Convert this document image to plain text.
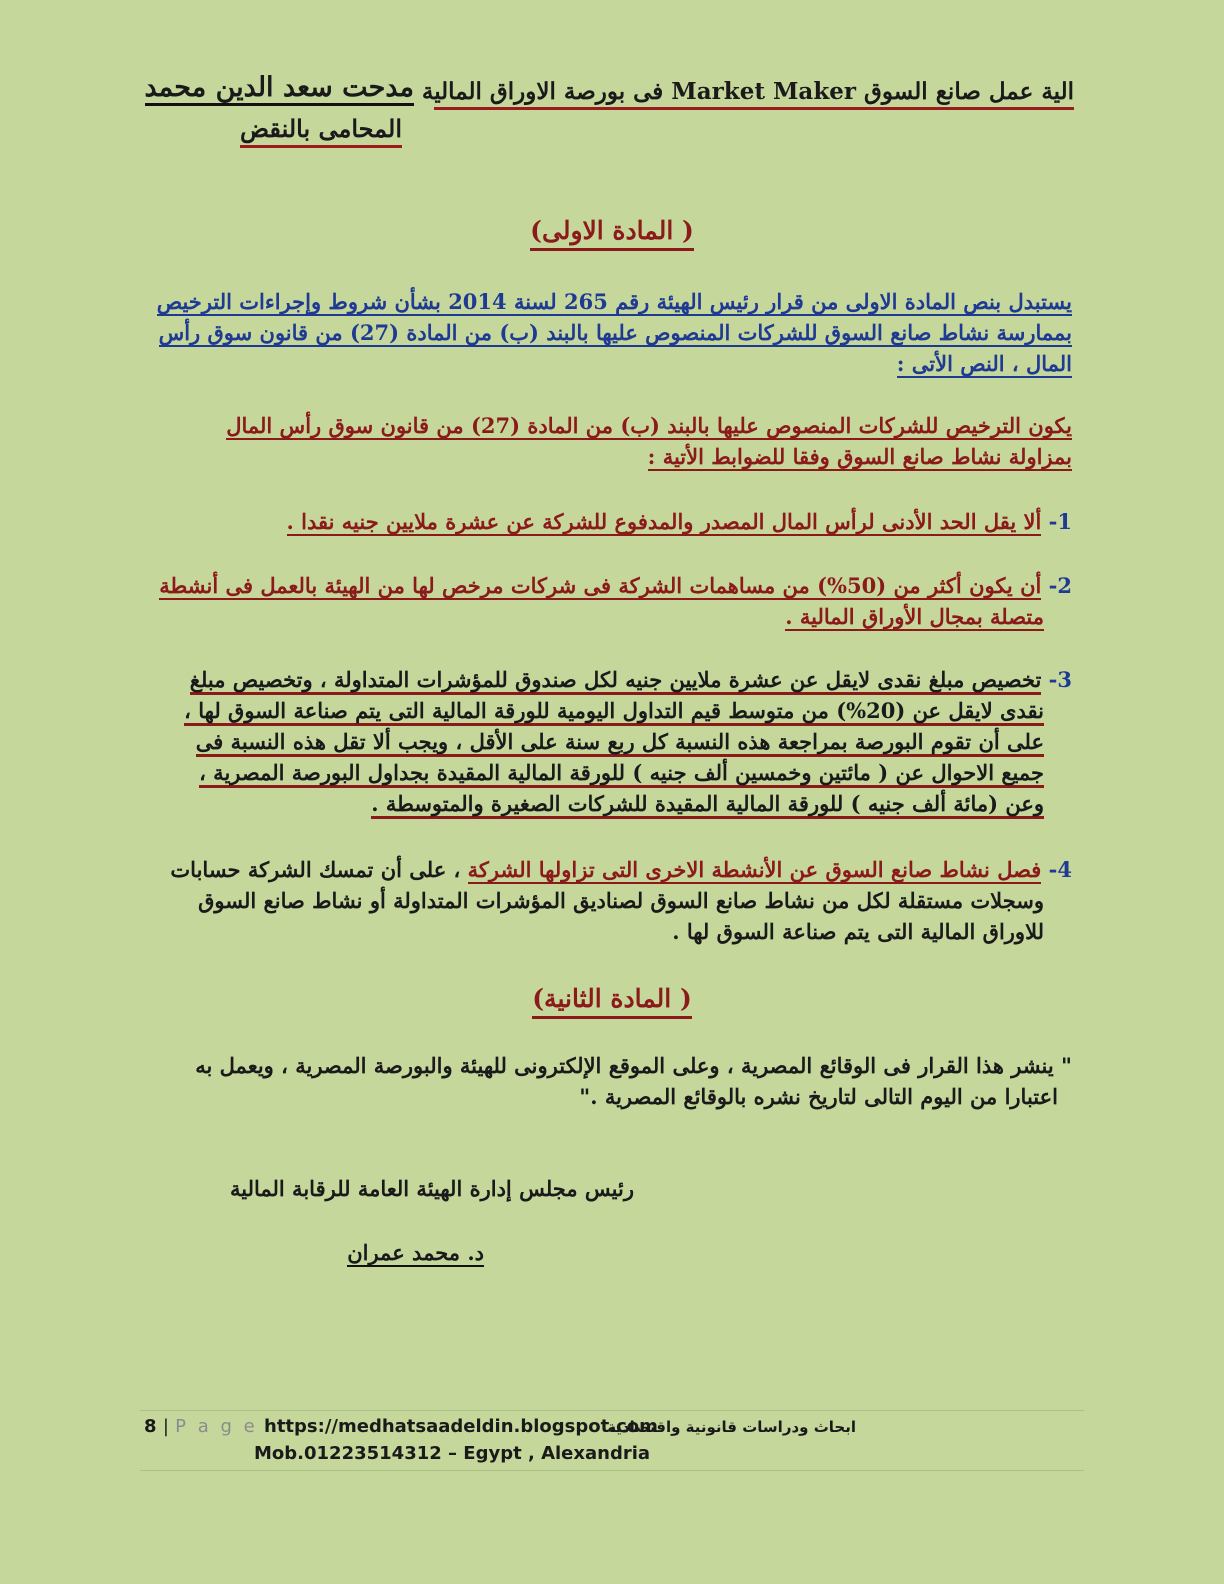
الية عمل صانع السوق Market Maker فى بورصة الاوراق المالية
مدحت سعد الدين محمد
المحامى بالنقض
(المادة الاولى )
يستبدل بنص المادة الاولى من قرار رئيس الهيئة رقم 265 لسنة 2014 بشأن شروط وإجراءات الترخيص
بممارسة نشاط صانع السوق للشركات المنصوص عليها بالبند (ب) من المادة (27) من قانون سوق رأس
المال ، النص الأتى :
يكون الترخيص للشركات المنصوص عليها بالبند (ب) من المادة (27) من قانون سوق رأس المال
بمزاولة نشاط صانع السوق وفقا للضوابط الأتية :
1- ألا يقل الحد الأدنى لرأس المال المصدر والمدفوع للشركة عن عشرة ملايين جنيه نقدا .
2- أن يكون أكثر من (50%) من مساهمات الشركة فى شركات مرخص لها من الهيئة بالعمل فى أنشطة
متصلة بمجال الأوراق المالية .
3- تخصيص مبلغ نقدى لايقل عن عشرة ملايين جنيه لكل صندوق للمؤشرات المتداولة ، وتخصيص مبلغ
نقدى لايقل عن (20%) من متوسط قيم التداول اليومية للورقة المالية التى يتم صناعة السوق لها ،
على أن تقوم البورصة بمراجعة هذه النسبة كل ربع سنة على الأقل ، ويجب ألا تقل هذه النسبة فى
جميع الاحوال عن ( مائتين وخمسين ألف جنيه ) للورقة المالية المقيدة بجداول البورصة المصرية ،
وعن (مائة ألف جنيه ) للورقة المالية المقيدة للشركات الصغيرة والمتوسطة .
4- فصل نشاط صانع السوق عن الأنشطة الاخرى التى تزاولها الشركة ، على أن تمسك الشركة حسابات
وسجلات مستقلة لكل من نشاط صانع السوق لصناديق المؤشرات المتداولة أو نشاط صانع السوق
للاوراق المالية التى يتم صناعة السوق لها .
(المادة الثانية )
" ينشر هذا القرار فى الوقائع المصرية ، وعلى الموقع الإلكترونى للهيئة والبورصة المصرية ، ويعمل به
اعتبارا من اليوم التالى لتاريخ نشره بالوقائع المصرية ."
رئيس مجلس إدارة الهيئة العامة للرقابة المالية
د. محمد عمران
8 | P a g e https://medhatsaadeldin.blogspot.com
ابحاث ودراسات قانونية واقتصادية
Mob.01223514312 – Egypt , Alexandria
